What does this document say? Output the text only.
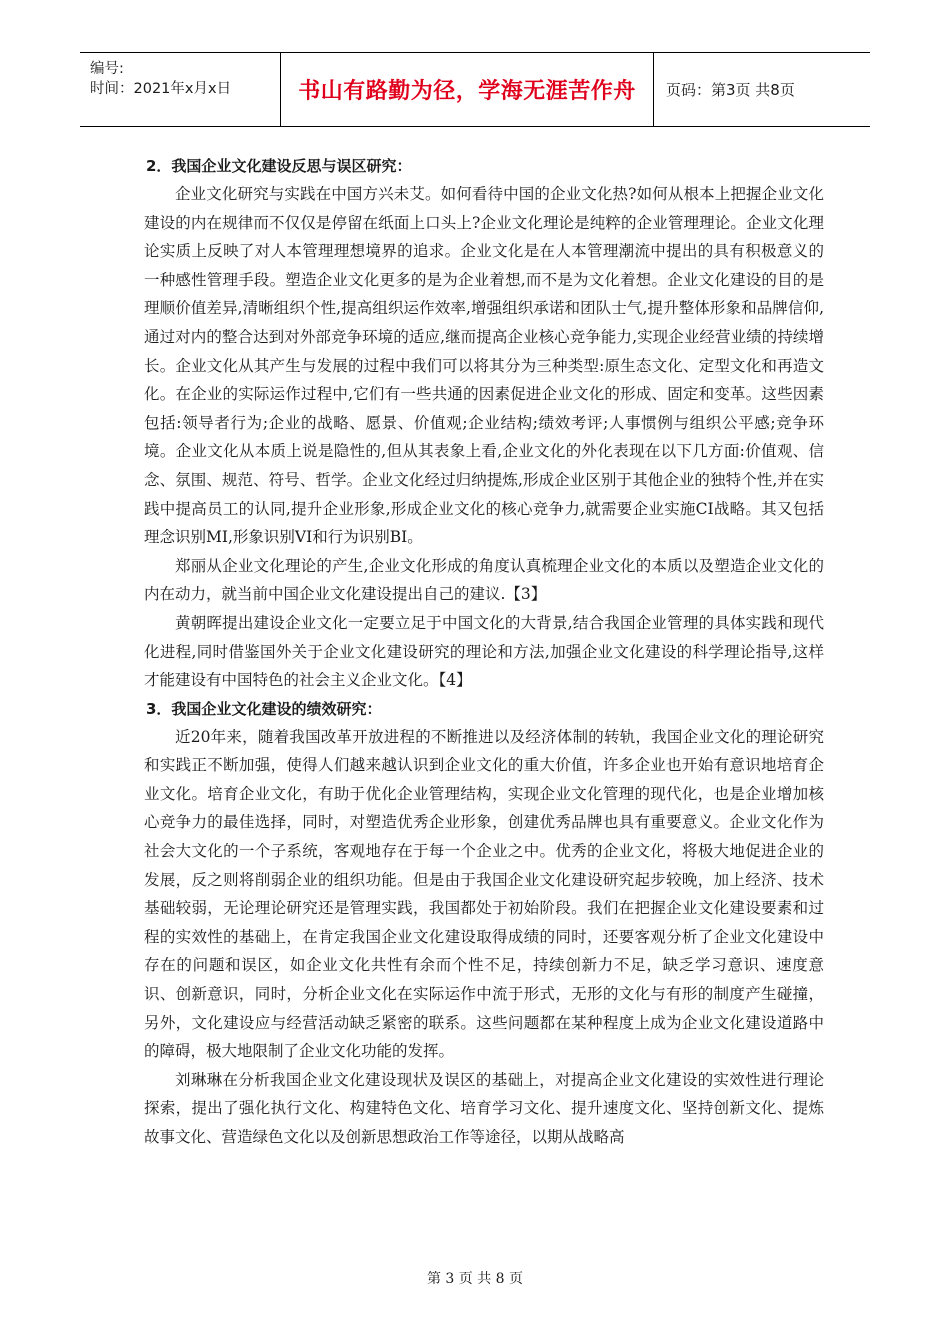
编号:
时间：2021年x月x日	书山有路勤为径，学海无涯苦作舟	页码：第3页 共8页

2．我国企业文化建设反思与误区研究：

企业文化研究与实践在中国方兴未艾。如何看待中国的企业文化热?如何从根本上把握企业文化建设的内在规律而不仅仅是停留在纸面上口头上?企业文化理论是纯粹的企业管理理论。企业文化理论实质上反映了对人本管理理想境界的追求。企业文化是在人本管理潮流中提出的具有积极意义的一种感性管理手段。塑造企业文化更多的是为企业着想,而不是为文化着想。企业文化建设的目的是理顺价值差异,清晰组织个性,提高组织运作效率,增强组织承诺和团队士气,提升整体形象和品牌信仰,通过对内的整合达到对外部竞争环境的适应,继而提高企业核心竞争能力,实现企业经营业绩的持续增长。企业文化从其产生与发展的过程中我们可以将其分为三种类型:原生态文化、定型文化和再造文化。在企业的实际运作过程中,它们有一些共通的因素促进企业文化的形成、固定和变革。这些因素包括:领导者行为;企业的战略、愿景、价值观;企业结构;绩效考评;人事惯例与组织公平感;竞争环境。企业文化从本质上说是隐性的,但从其表象上看,企业文化的外化表现在以下几方面:价值观、信念、氛围、规范、符号、哲学。企业文化经过归纳提炼,形成企业区别于其他企业的独特个性,并在实践中提高员工的认同,提升企业形象,形成企业文化的核心竞争力,就需要企业实施CI战略。其又包括理念识别MI,形象识别VI和行为识别BI。

郑丽从企业文化理论的产生,企业文化形成的角度认真梳理企业文化的本质以及塑造企业文化的内在动力，就当前中国企业文化建设提出自己的建议.【3】

黄朝晖提出建设企业文化一定要立足于中国文化的大背景,结合我国企业管理的具体实践和现代化进程,同时借鉴国外关于企业文化建设研究的理论和方法,加强企业文化建设的科学理论指导,这样才能建设有中国特色的社会主义企业文化。【4】

3．我国企业文化建设的绩效研究：

近20年来，随着我国改革开放进程的不断推进以及经济体制的转轨，我国企业文化的理论研究和实践正不断加强，使得人们越来越认识到企业文化的重大价值，许多企业也开始有意识地培育企业文化。培育企业文化，有助于优化企业管理结构，实现企业文化管理的现代化，也是企业增加核心竞争力的最佳选择，同时，对塑造优秀企业形象，创建优秀品牌也具有重要意义。企业文化作为社会大文化的一个子系统，客观地存在于每一个企业之中。优秀的企业文化，将极大地促进企业的发展，反之则将削弱企业的组织功能。但是由于我国企业文化建设研究起步较晚，加上经济、技术基础较弱，无论理论研究还是管理实践，我国都处于初始阶段。我们在把握企业文化建设要素和过程的实效性的基础上，在肯定我国企业文化建设取得成绩的同时，还要客观分析了企业文化建设中存在的问题和误区，如企业文化共性有余而个性不足，持续创新力不足，缺乏学习意识、速度意识、创新意识，同时，分析企业文化在实际运作中流于形式，无形的文化与有形的制度产生碰撞，另外，文化建设应与经营活动缺乏紧密的联系。这些问题都在某种程度上成为企业文化建设道路中的障碍，极大地限制了企业文化功能的发挥。

刘琳琳在分析我国企业文化建设现状及误区的基础上，对提高企业文化建设的实效性进行理论探索，提出了强化执行文化、构建特色文化、培育学习文化、提升速度文化、坚持创新文化、提炼故事文化、营造绿色文化以及创新思想政治工作等途径，以期从战略高

第 3 页 共 8 页
